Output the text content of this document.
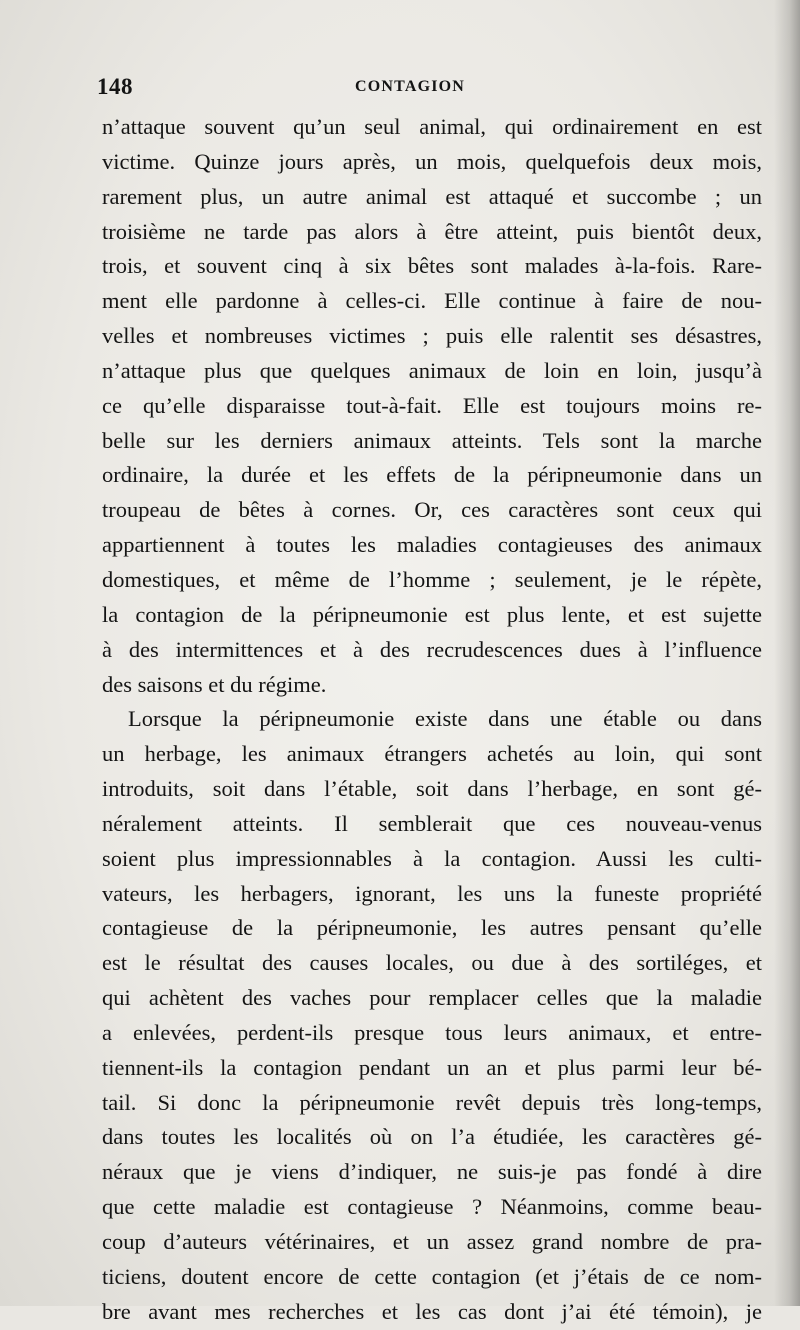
148	CONTAGION
n’attaque souvent qu’un seul animal, qui ordinairement en est
victime. Quinze jours après, un mois, quelquefois deux mois,
rarement plus, un autre animal est attaqué et succombe ; un
troisième ne tarde pas alors à être atteint, puis bientôt deux,
trois, et souvent cinq à six bêtes sont malades à-la-fois. Rare-
ment elle pardonne à celles-ci. Elle continue à faire de nou-
velles et nombreuses victimes ; puis elle ralentit ses désastres,
n’attaque plus que quelques animaux de loin en loin, jusqu’à
ce qu’elle disparaisse tout-à-fait. Elle est toujours moins re-
belle sur les derniers animaux atteints. Tels sont la marche
ordinaire, la durée et les effets de la péripneumonie dans un
troupeau de bêtes à cornes. Or, ces caractères sont ceux qui
appartiennent à toutes les maladies contagieuses des animaux
domestiques, et même de l’homme ; seulement, je le répète,
la contagion de la péripneumonie est plus lente, et est sujette
à des intermittences et à des recrudescences dues à l’influence
des saisons et du régime.
Lorsque la péripneumonie existe dans une étable ou dans
un herbage, les animaux étrangers achetés au loin, qui sont
introduits, soit dans l’étable, soit dans l’herbage, en sont gé-
néralement atteints. Il semblerait que ces nouveau-venus
soient plus impressionnables à la contagion. Aussi les culti-
vateurs, les herbagers, ignorant, les uns la funeste propriété
contagieuse de la péripneumonie, les autres pensant qu’elle
est le résultat des causes locales, ou due à des sortiléges, et
qui achètent des vaches pour remplacer celles que la maladie
a enlevées, perdent-ils presque tous leurs animaux, et entre-
tiennent-ils la contagion pendant un an et plus parmi leur bé-
tail. Si donc la péripneumonie revêt depuis très long-temps,
dans toutes les localités où on l’a étudiée, les caractères gé-
néraux que je viens d’indiquer, ne suis-je pas fondé à dire
que cette maladie est contagieuse ? Néanmoins, comme beau-
coup d’auteurs vétérinaires, et un assez grand nombre de pra-
ticiens, doutent encore de cette contagion (et j’étais de ce nom-
bre avant mes recherches et les cas dont j’ai été témoin), je
